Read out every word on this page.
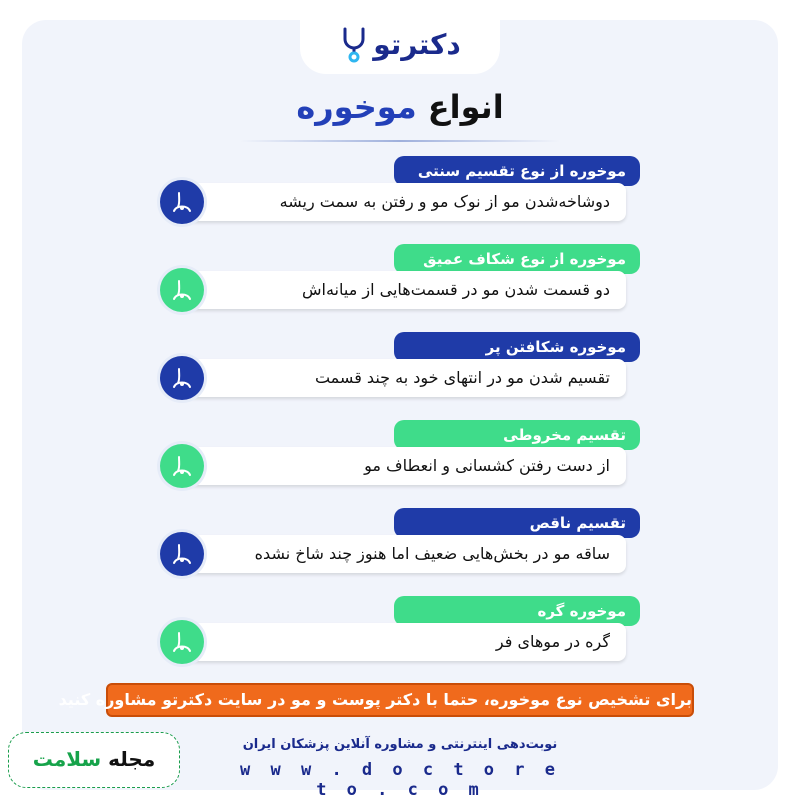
دکترتو
انواع موخوره
موخوره از نوع تقسیم سنتی
دوشاخه‌شدن مو از نوک مو و رفتن به سمت ریشه
موخوره از نوع شکاف عمیق
دو قسمت شدن مو در قسمت‌هایی از میانه‌اش
موخوره شکافتن پر
تقسیم شدن مو در انتهای خود به چند قسمت
تقسیم مخروطی
از دست رفتن کشسانی و انعطاف مو
تقسیم ناقص
ساقه مو در بخش‌هایی ضعیف اما هنوز چند شاخ نشده
موخوره گره
گره در موهای فر
برای تشخیص نوع موخوره، حتما با دکتر پوست و مو در سایت دکترتو مشاوره کنید
مجله سلامت
نوبت‌دهی اینترنتی و مشاوره آنلاین پزشکان ایران
w w w . d o c t o r e t o . c o m
